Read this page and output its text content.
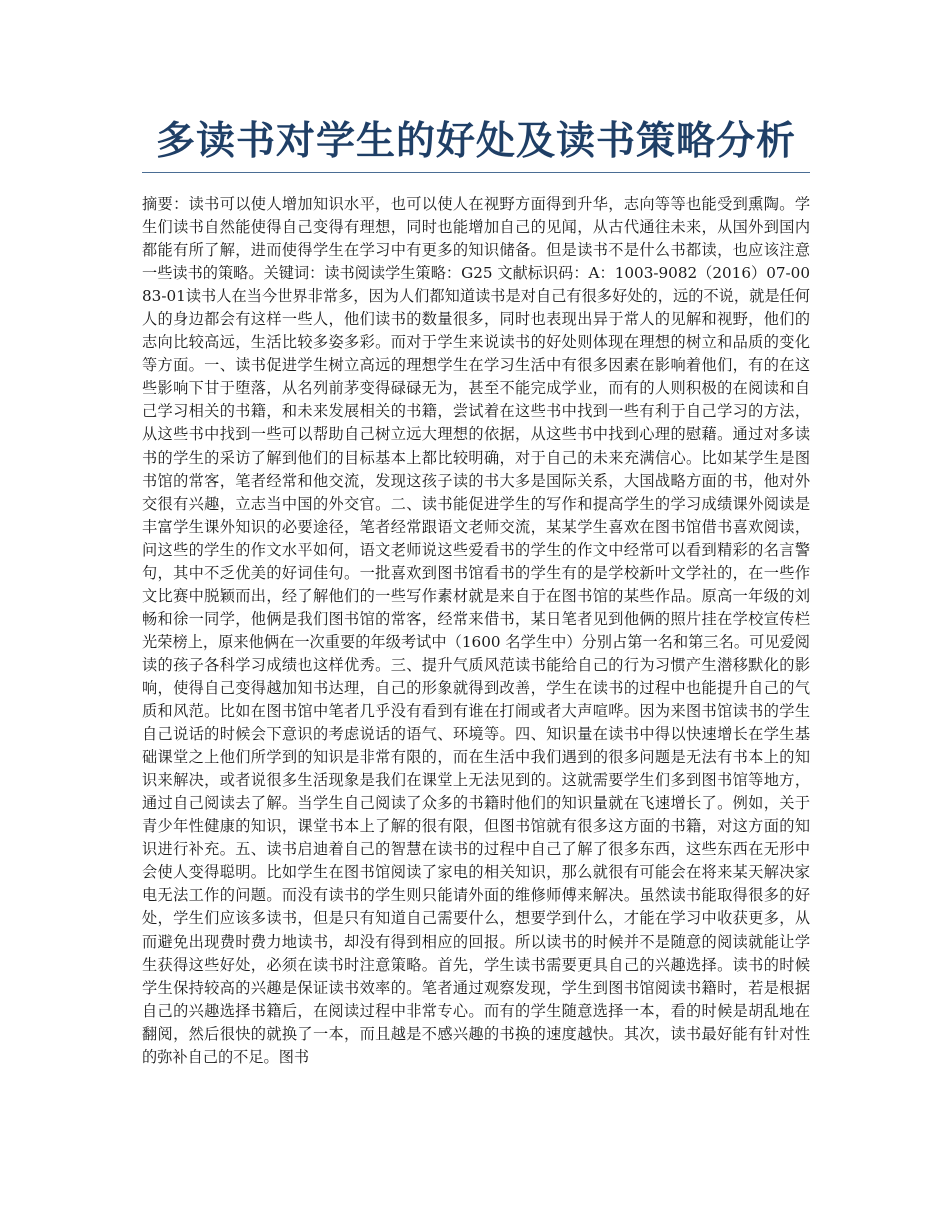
多读书对学生的好处及读书策略分析

摘要：读书可以使人增加知识水平，也可以使人在视野方面得到升华，志向等等也能受到熏陶。学生们读书自然能使得自己变得有理想，同时也能增加自己的见闻，从古代通往未来，从国外到国内都能有所了解，进而使得学生在学习中有更多的知识储备。但是读书不是什么书都读，也应该注意一些读书的策略。关键词：读书阅读学生策略：G25 文献标识码：A：1003-9082（2016）07-0083-01读书人在当今世界非常多，因为人们都知道读书是对自己有很多好处的，远的不说，就是任何人的身边都会有这样一些人，他们读书的数量很多，同时也表现出异于常人的见解和视野，他们的志向比较高远，生活比较多姿多彩。而对于学生来说读书的好处则体现在理想的树立和品质的变化等方面。一、读书促进学生树立高远的理想学生在学习生活中有很多因素在影响着他们，有的在这些影响下甘于堕落，从名列前茅变得碌碌无为，甚至不能完成学业，而有的人则积极的在阅读和自己学习相关的书籍，和未来发展相关的书籍，尝试着在这些书中找到一些有利于自己学习的方法，从这些书中找到一些可以帮助自己树立远大理想的依据，从这些书中找到心理的慰藉。通过对多读书的学生的采访了解到他们的目标基本上都比较明确，对于自己的未来充满信心。比如某学生是图书馆的常客，笔者经常和他交流，发现这孩子读的书大多是国际关系，大国战略方面的书，他对外交很有兴趣，立志当中国的外交官。二、读书能促进学生的写作和提高学生的学习成绩课外阅读是丰富学生课外知识的必要途径，笔者经常跟语文老师交流，某某学生喜欢在图书馆借书喜欢阅读，问这些的学生的作文水平如何，语文老师说这些爱看书的学生的作文中经常可以看到精彩的名言警句，其中不乏优美的好词佳句。一批喜欢到图书馆看书的学生有的是学校新叶文学社的，在一些作文比赛中脱颖而出，经了解他们的一些写作素材就是来自于在图书馆的某些作品。原高一年级的刘畅和徐一同学，他俩是我们图书馆的常客，经常来借书，某日笔者见到他俩的照片挂在学校宣传栏光荣榜上，原来他俩在一次重要的年级考试中（1600 名学生中）分别占第一名和第三名。可见爱阅读的孩子各科学习成绩也这样优秀。三、提升气质风范读书能给自己的行为习惯产生潜移默化的影响，使得自己变得越加知书达理，自己的形象就得到改善，学生在读书的过程中也能提升自己的气质和风范。比如在图书馆中笔者几乎没有看到有谁在打闹或者大声喧哗。因为来图书馆读书的学生自己说话的时候会下意识的考虑说话的语气、环境等。四、知识量在读书中得以快速增长在学生基础课堂之上他们所学到的知识是非常有限的，而在生活中我们遇到的很多问题是无法有书本上的知识来解决，或者说很多生活现象是我们在课堂上无法见到的。这就需要学生们多到图书馆等地方，通过自己阅读去了解。当学生自己阅读了众多的书籍时他们的知识量就在飞速增长了。例如，关于青少年性健康的知识，课堂书本上了解的很有限，但图书馆就有很多这方面的书籍，对这方面的知识进行补充。五、读书启迪着自己的智慧在读书的过程中自己了解了很多东西，这些东西在无形中会使人变得聪明。比如学生在图书馆阅读了家电的相关知识，那么就很有可能会在将来某天解决家电无法工作的问题。而没有读书的学生则只能请外面的维修师傅来解决。虽然读书能取得很多的好处，学生们应该多读书，但是只有知道自己需要什么，想要学到什么，才能在学习中收获更多，从而避免出现费时费力地读书，却没有得到相应的回报。所以读书的时候并不是随意的阅读就能让学生获得这些好处，必须在读书时注意策略。首先，学生读书需要更具自己的兴趣选择。读书的时候学生保持较高的兴趣是保证读书效率的。笔者通过观察发现，学生到图书馆阅读书籍时，若是根据自己的兴趣选择书籍后，在阅读过程中非常专心。而有的学生随意选择一本，看的时候是胡乱地在翻阅，然后很快的就换了一本，而且越是不感兴趣的书换的速度越快。其次，读书最好能有针对性的弥补自己的不足。图书
